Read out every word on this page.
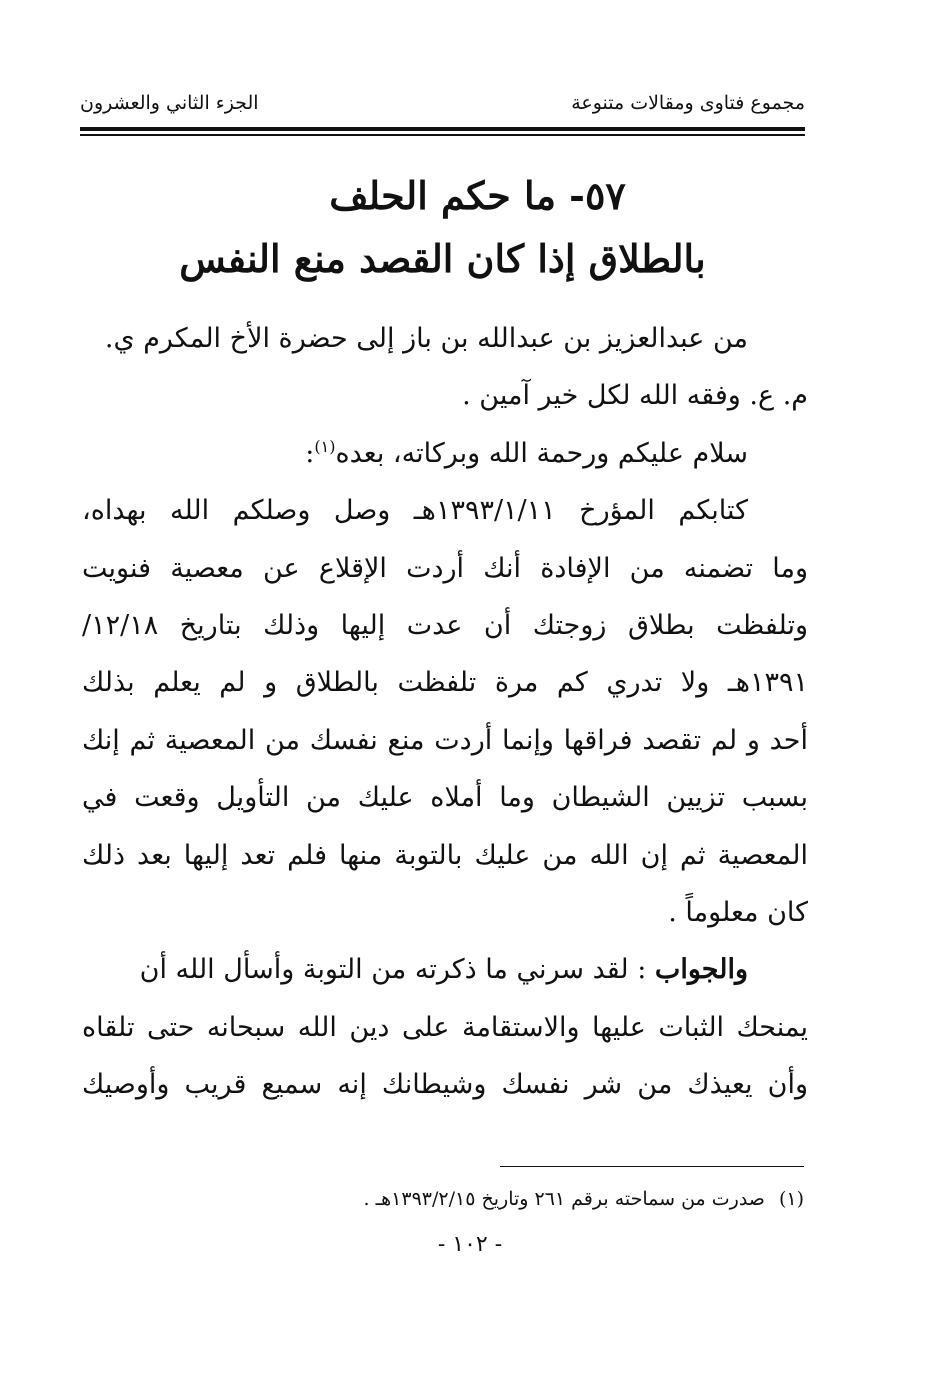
مجموع فتاوى ومقالات متنوعة
الجزء الثاني والعشرون
٥٧- ما حكم الحلف
بالطلاق إذا كان القصد منع النفس
من عبدالعزيز بن عبدالله بن باز إلى حضرة الأخ المكرم ي.
م. ع. وفقه الله لكل خير آمين .
سلام عليكم ورحمة الله وبركاته، بعده$^{(١)}$:
كتابكم المؤرخ ١٣٩٣/١/١١هـ وصل وصلكم الله بهداه،
وما تضمنه من الإفادة أنك أردت الإقلاع عن معصية فنويت
وتلفظت بطلاق زوجتك أن عدت إليها وذلك بتاريخ ١٢/١٨/
١٣٩١هـ ولا تدري كم مرة تلفظت بالطلاق و لم يعلم بذلك
أحد و لم تقصد فراقها وإنما أردت منع نفسك من المعصية ثم إنك
بسبب تزيين الشيطان وما أملاه عليك من التأويل وقعت في
المعصية ثم إن الله من عليك بالتوبة منها فلم تعد إليها بعد ذلك
كان معلوماً .
والجواب : لقد سرني ما ذكرته من التوبة وأسأل الله أن
يمنحك الثبات عليها والاستقامة على دين الله سبحانه حتى تلقاه
وأن يعيذك من شر نفسك وشيطانك إنه سميع قريب وأوصيك
(١)صدرت من سماحته برقم ٢٦١ وتاريخ ١٣٩٣/٢/١٥هـ .
- ١٠٢ -
